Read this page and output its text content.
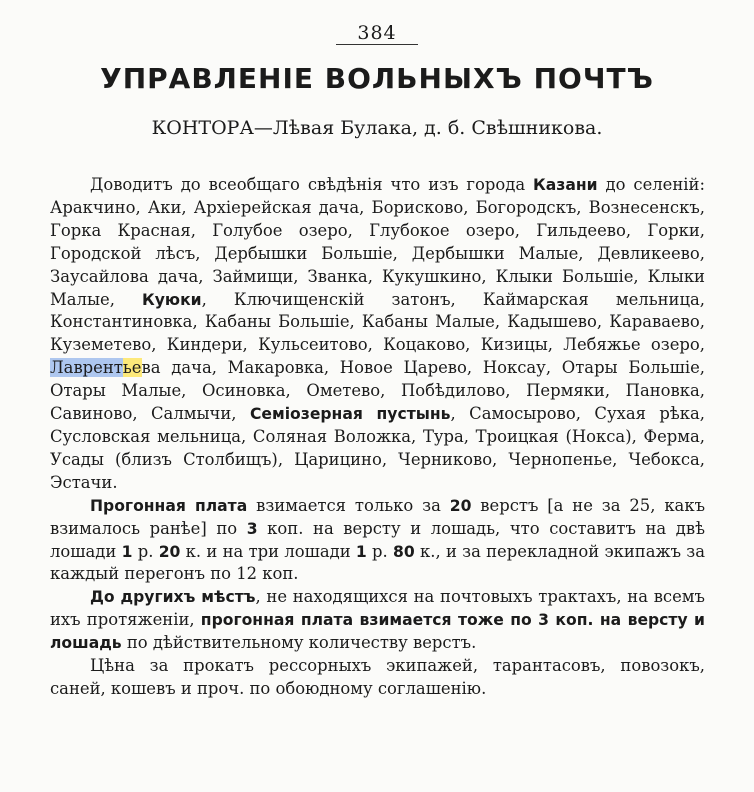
384
УПРАВЛЕНІЕ ВОЛЬНЫХЪ ПОЧТЪ
КОНТОРА—Лѣвая Булака, д. б. Свѣшникова.

Доводитъ до всеобщаго свѣдѣнія что изъ города Казани до селеній: Аракчино, Аки, Архіерейская дача, Борисково, Богородскъ, Вознесенскъ, Горка Красная, Голубое озеро, Глубокое озеро, Гильдеево, Горки, Городской лѣсъ, Дербышки Большіе, Дербышки Малые, Девликеево, Заусайлова дача, Займищи, Званка, Кукушкино, Клыки Большіе, Клыки Малые, Куюки, Ключищенскій затонъ, Каймарская мельница, Константиновка, Кабаны Большіе, Кабаны Малые, Кадышево, Караваево, Куземетево, Киндери, Кульсеитово, Коцаково, Кизицы, Лебяжье озеро, Лаврентьева дача, Макаровка, Новое Царево, Ноксау, Отары Большіе, Отары Малые, Осиновка, Ометево, Побѣдилово, Пермяки, Пановка, Савиново, Салмычи, Семіозерная пустынь, Самосырово, Сухая рѣка, Сусловская мельница, Соляная Воложка, Тура, Троицкая (Нокса), Ферма, Усады (близъ Столбищъ), Царицино, Черниково, Чернопенье, Чебокса, Эстачи.

Прогонная плата взимается только за 20 верстъ [а не за 25, какъ взималось ранѣе] по 3 коп. на версту и лошадь, что составитъ на двѣ лошади 1 р. 20 к. и на три лошади 1 р. 80 к., и за перекладной экипажъ за каждый перегонъ по 12 коп.

До другихъ мѣстъ, не находящихся на почтовыхъ трактахъ, на всемъ ихъ протяженіи, прогонная плата взимается тоже по 3 коп. на версту и лошадь по дѣйствительному количеству верстъ.

Цѣна за прокатъ рессорныхъ экипажей, тарантасовъ, повозокъ, саней, кошевъ и проч. по обоюдному соглашенію.
